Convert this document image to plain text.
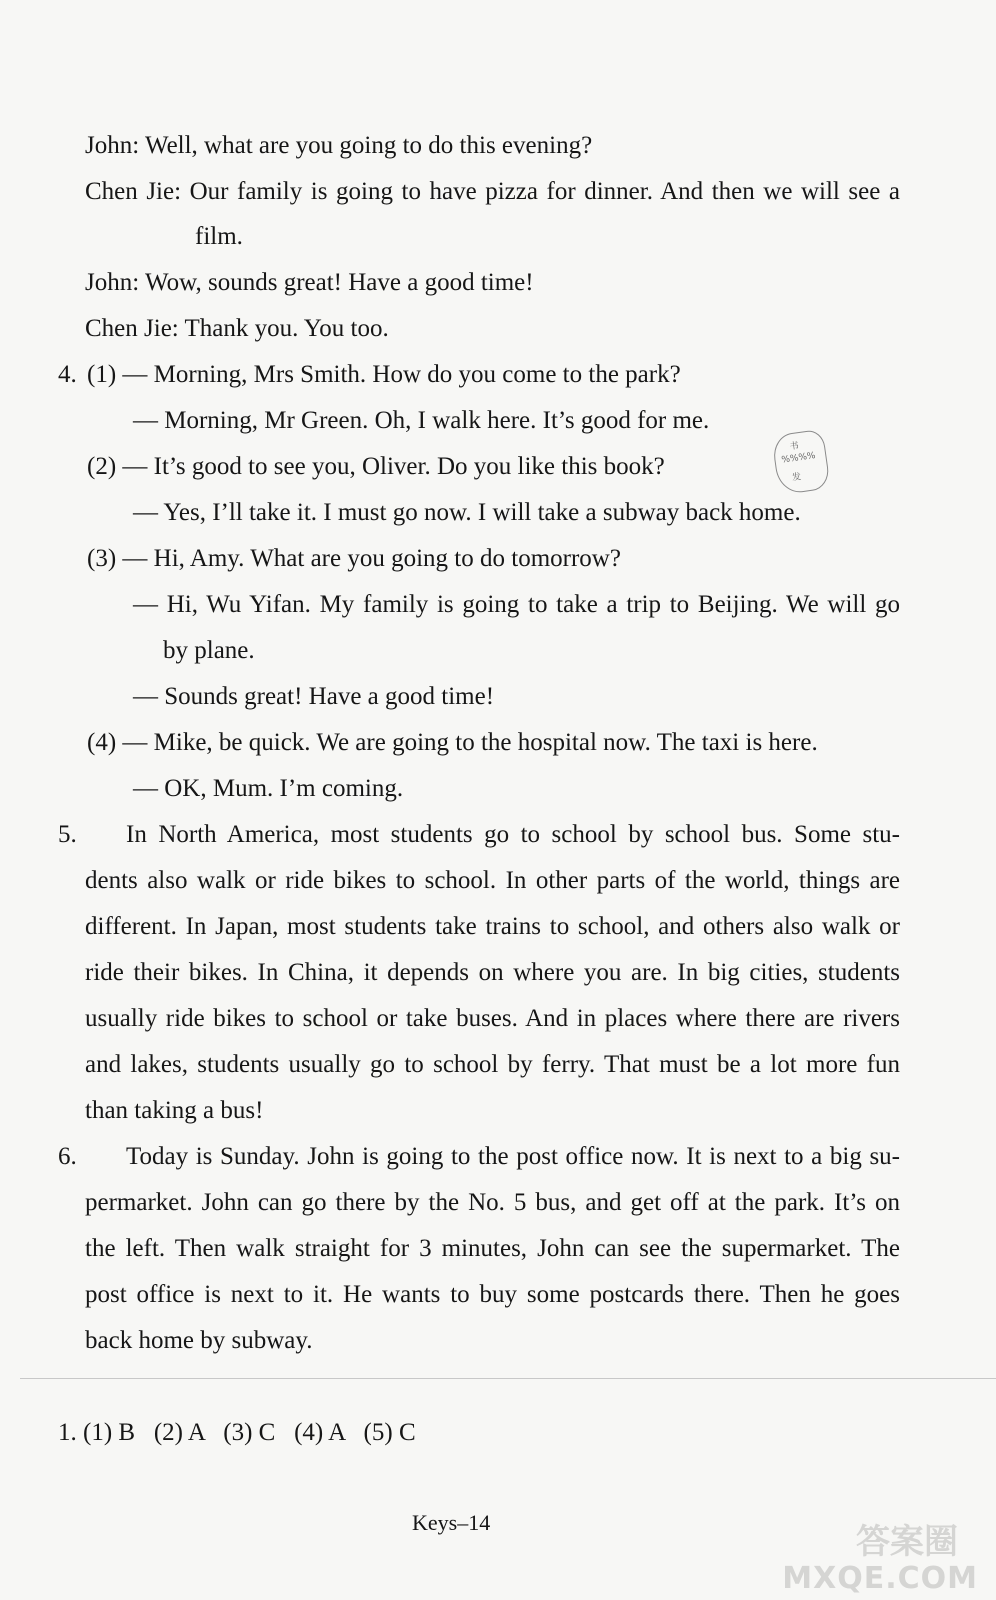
John: Well, what are you going to do this evening?
Chen Jie: Our family is going to have pizza for dinner. And then we will see a
film.
John: Wow, sounds great! Have a good time!
Chen Jie: Thank you. You too.
4. (1) — Morning, Mrs Smith. How do you come to the park?
— Morning, Mr Green. Oh, I walk here. It’s good for me.
书
%%%%
发
(2) — It’s good to see you, Oliver. Do you like this book?
— Yes, I’ll take it. I must go now. I will take a subway back home.
(3) — Hi, Amy. What are you going to do tomorrow?
— Hi, Wu Yifan. My family is going to take a trip to Beijing. We will go
by plane.
— Sounds great! Have a good time!
(4) — Mike, be quick. We are going to the hospital now. The taxi is here.
— OK, Mum. I’m coming.
5. In North America, most students go to school by school bus. Some stu-
dents also walk or ride bikes to school. In other parts of the world, things are
different. In Japan, most students take trains to school, and others also walk or
ride their bikes. In China, it depends on where you are. In big cities, students
usually ride bikes to school or take buses. And in places where there are rivers
and lakes, students usually go to school by ferry. That must be a lot more fun
than taking a bus!
6. Today is Sunday. John is going to the post office now. It is next to a big su-
permarket. John can go there by the No. 5 bus, and get off at the park. It’s on
the left. Then walk straight for 3 minutes, John can see the supermarket. The
post office is next to it. He wants to buy some postcards there. Then he goes
back home by subway.
1. (1) B   (2) A   (3) C   (4) A   (5) C
Keys–14	答案圈
MXQE.COM
